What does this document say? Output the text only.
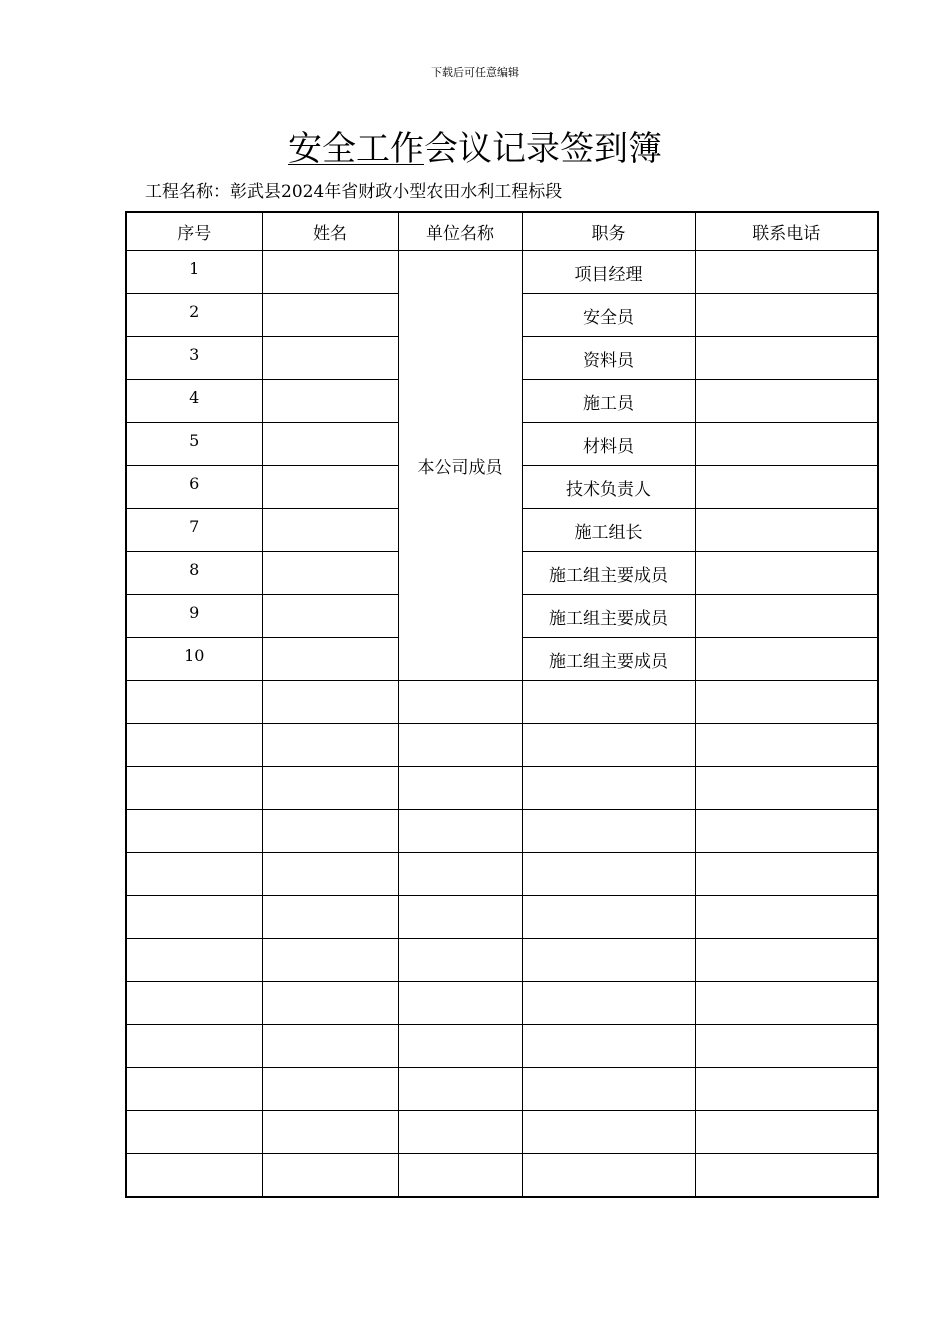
下载后可任意编辑
安全工作会议记录签到簿
工程名称：彰武县2024年省财政小型农田水利工程标段
序号	姓名	单位名称	职务	联系电话
1		本公司成员	项目经理	
2			安全员	
3			资料员	
4			施工员	
5			材料员	
6			技术负责人	
7			施工组长	
8			施工组主要成员	
9			施工组主要成员	
10			施工组主要成员	
